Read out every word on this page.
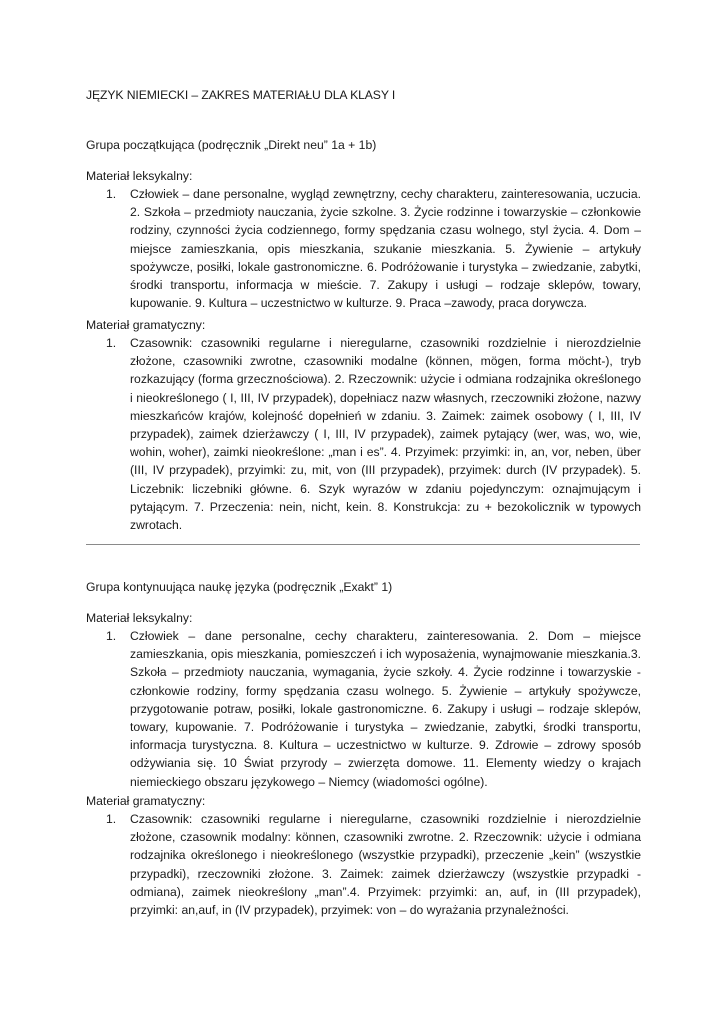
JĘZYK NIEMIECKI – ZAKRES MATERIAŁU DLA KLASY I
Grupa początkująca (podręcznik „Direkt neu” 1a + 1b)
Materiał leksykalny:
1. Człowiek – dane personalne, wygląd zewnętrzny, cechy charakteru, zainteresowania, uczucia. 2. Szkoła – przedmioty nauczania, życie szkolne. 3. Życie rodzinne i towarzyskie – członkowie rodziny, czynności życia codziennego, formy spędzania czasu wolnego, styl życia. 4. Dom – miejsce zamieszkania, opis mieszkania, szukanie mieszkania. 5. Żywienie – artykuły spożywcze, posiłki, lokale gastronomiczne. 6. Podróżowanie i turystyka – zwiedzanie, zabytki, środki transportu, informacja w mieście. 7. Zakupy i usługi – rodzaje sklepów, towary, kupowanie. 9. Kultura – uczestnictwo w kulturze. 9. Praca –zawody, praca dorywcza.
Materiał gramatyczny:
1. Czasownik: czasowniki regularne i nieregularne, czasowniki rozdzielnie i nierozdzielnie złożone, czasowniki zwrotne, czasowniki modalne (können, mögen, forma möcht-), tryb rozkazujący (forma grzecznościowa). 2. Rzeczownik: użycie i odmiana rodzajnika określonego i nieokreślonego ( I, III, IV przypadek), dopełniacz nazw własnych, rzeczowniki złożone, nazwy mieszkańców krajów, kolejność dopełnień w zdaniu. 3. Zaimek: zaimek osobowy ( I, III, IV przypadek), zaimek dzierżawczy ( I, III, IV przypadek), zaimek pytający (wer, was, wo, wie, wohin, woher), zaimki nieokreślone: „man i es”. 4. Przyimek: przyimki: in, an, vor, neben, über (III, IV przypadek), przyimki: zu, mit, von (III przypadek), przyimek: durch (IV przypadek). 5. Liczebnik: liczebniki główne. 6. Szyk wyrazów w zdaniu pojedynczym: oznajmującym i pytającym. 7. Przeczenia: nein, nicht, kein. 8. Konstrukcja: zu + bezokolicznik w typowych zwrotach.
Grupa kontynuująca naukę języka (podręcznik „Exakt” 1)
Materiał leksykalny:
1. Człowiek – dane personalne, cechy charakteru, zainteresowania. 2. Dom – miejsce zamieszkania, opis mieszkania, pomieszczeń i ich wyposażenia, wynajmowanie mieszkania.3. Szkoła – przedmioty nauczania, wymagania, życie szkoły. 4. Życie rodzinne i towarzyskie - członkowie rodziny, formy spędzania czasu wolnego. 5. Żywienie – artykuły spożywcze, przygotowanie potraw, posiłki, lokale gastronomiczne. 6. Zakupy i usługi – rodzaje sklepów, towary, kupowanie. 7. Podróżowanie i turystyka – zwiedzanie, zabytki, środki transportu, informacja turystyczna. 8. Kultura – uczestnictwo w kulturze. 9. Zdrowie – zdrowy sposób odżywiania się. 10 Świat przyrody – zwierzęta domowe. 11. Elementy wiedzy o krajach niemieckiego obszaru językowego – Niemcy (wiadomości ogólne).
Materiał gramatyczny:
1. Czasownik: czasowniki regularne i nieregularne, czasowniki rozdzielnie i nierozdzielnie złożone, czasownik modalny: können, czasowniki zwrotne. 2. Rzeczownik: użycie i odmiana rodzajnika określonego i nieokreślonego (wszystkie przypadki), przeczenie „kein” (wszystkie przypadki), rzeczowniki złożone. 3. Zaimek: zaimek dzierżawczy (wszystkie przypadki - odmiana), zaimek nieokreślony „man”.4. Przyimek: przyimki: an, auf, in (III przypadek), przyimki: an,auf, in (IV przypadek), przyimek: von – do wyrażania przynależności.
